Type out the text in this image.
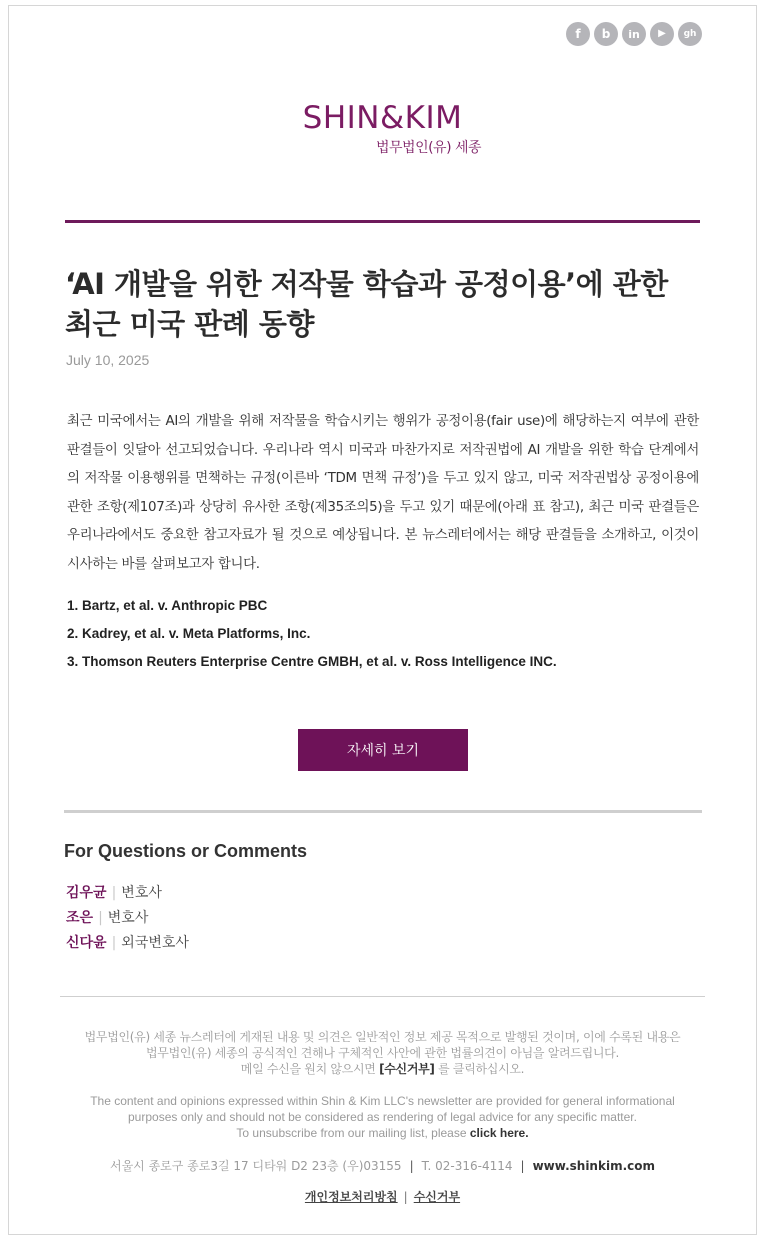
f b in ▶ gh
SHIN&KIM
법무법인(유) 세종
‘AI 개발을 위한 저작물 학습과 공정이용’에 관한
최근 미국 판례 동향
July 10, 2025

최근 미국에서는 AI의 개발을 위해 저작물을 학습시키는 행위가 공정이용(fair use)에 해당하는지 여부에 관한 판결들이 잇달아 선고되었습니다. 우리나라 역시 미국과 마찬가지로 저작권법에 AI 개발을 위한 학습 단계에서의 저작물 이용행위를 면책하는 규정(이른바 ‘TDM 면책 규정’)을 두고 있지 않고, 미국 저작권법상 공정이용에 관한 조항(제107조)과 상당히 유사한 조항(제35조의5)을 두고 있기 때문에(아래 표 참고), 최근 미국 판결들은 우리나라에서도 중요한 참고자료가 될 것으로 예상됩니다. 본 뉴스레터에서는 해당 판결들을 소개하고, 이것이 시사하는 바를 살펴보고자 합니다.

1. Bartz, et al. v. Anthropic PBC
2. Kadrey, et al. v. Meta Platforms, Inc.
3. Thomson Reuters Enterprise Centre GMBH, et al. v. Ross Intelligence INC.
자세히 보기
For Questions or Comments
김우균 | 변호사
조은 | 변호사
신다윤 | 외국변호사

법무법인(유) 세종 뉴스레터에 게재된 내용 및 의견은 일반적인 정보 제공 목적으로 발행된 것이며, 이에 수록된 내용은
법무법인(유) 세종의 공식적인 견해나 구체적인 사안에 관한 법률의견이 아님을 알려드립니다.
메일 수신을 원치 않으시면 [수신거부] 를 클릭하십시오.

The content and opinions expressed within Shin & Kim LLC's newsletter are provided for general informational
purposes only and should not be considered as rendering of legal advice for any specific matter.
To unsubscribe from our mailing list, please click here.

서울시 종로구 종로3길 17 디타워 D2 23층 (우)03155 | T. 02-316-4114 | www.shinkim.com
개인정보처리방침 | 수신거부
